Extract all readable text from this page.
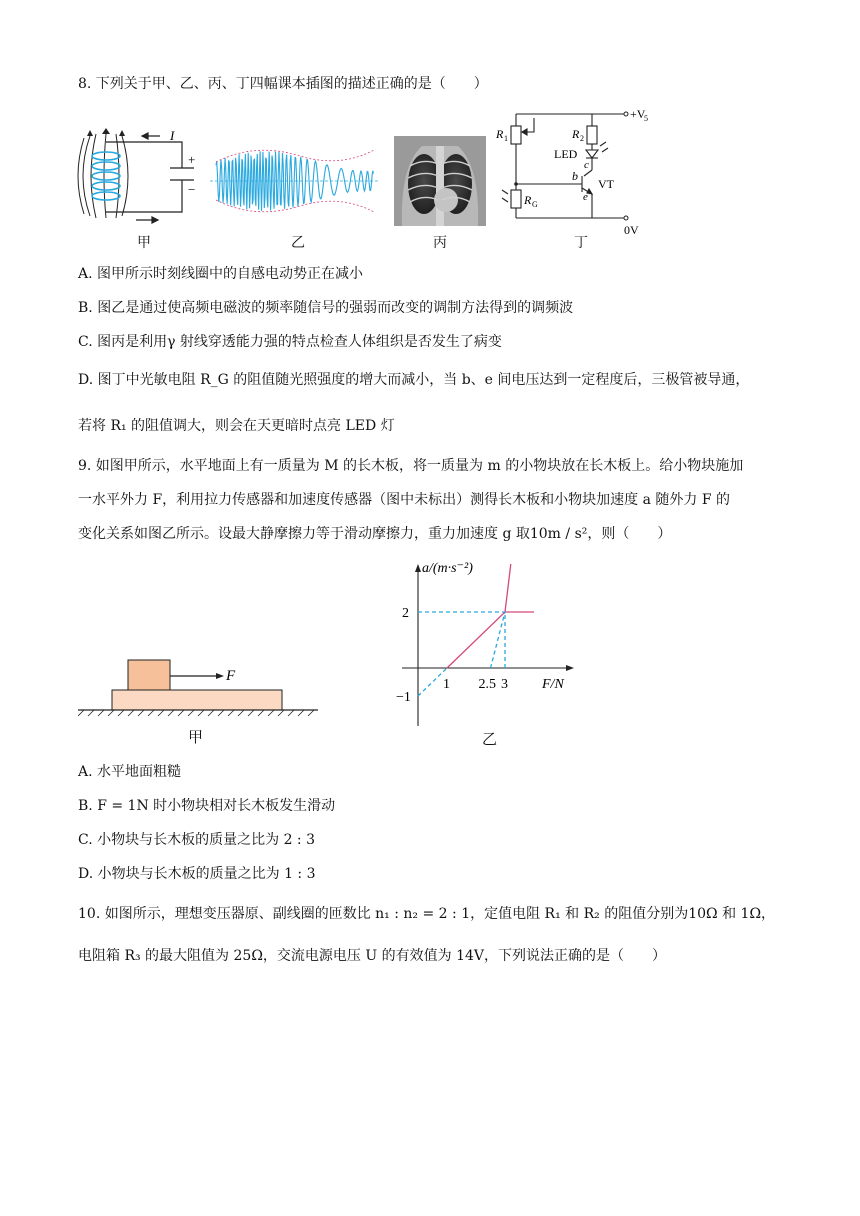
8. 下列关于甲、乙、丙、丁四幅课本插图的描述正确的是（　　）
I
+
−
甲	乙	丙
+V
5
0V
R 1	R 2
LED
VT
R G
b
c
e
丁
A. 图甲所示时刻线圈中的自感电动势正在减小
B. 图乙是通过使高频电磁波的频率随信号的强弱而改变的调制方法得到的调频波
C. 图丙是利用γ 射线穿透能力强的特点检查人体组织是否发生了病变
D. 图丁中光敏电阻 R_G 的阻值随光照强度的增大而减小，当 b、e 间电压达到一定程度后，三极管被导通，
若将 R₁ 的阻值调大，则会在天更暗时点亮 LED 灯
9. 如图甲所示，水平地面上有一质量为 M 的长木板，将一质量为 m 的小物块放在长木板上。给小物块施加
一水平外力 F，利用拉力传感器和加速度传感器（图中未标出）测得长木板和小物块加速度 a 随外力 F 的
变化关系如图乙所示。设最大静摩擦力等于滑动摩擦力，重力加速度 g 取10m / s²，则（　　）
F
甲
1 2.5 3
2
−1
a/(m·s⁻²)
F/N
乙
A. 水平地面粗糙
B. F = 1N 时小物块相对长木板发生滑动
C. 小物块与长木板的质量之比为 2 : 3
D. 小物块与长木板的质量之比为 1 : 3
10. 如图所示，理想变压器原、副线圈的匝数比 n₁ : n₂ = 2 : 1，定值电阻 R₁ 和 R₂ 的阻值分别为10Ω 和 1Ω，
电阻箱 R₃ 的最大阻值为 25Ω，交流电源电压 U 的有效值为 14V，下列说法正确的是（　　）
